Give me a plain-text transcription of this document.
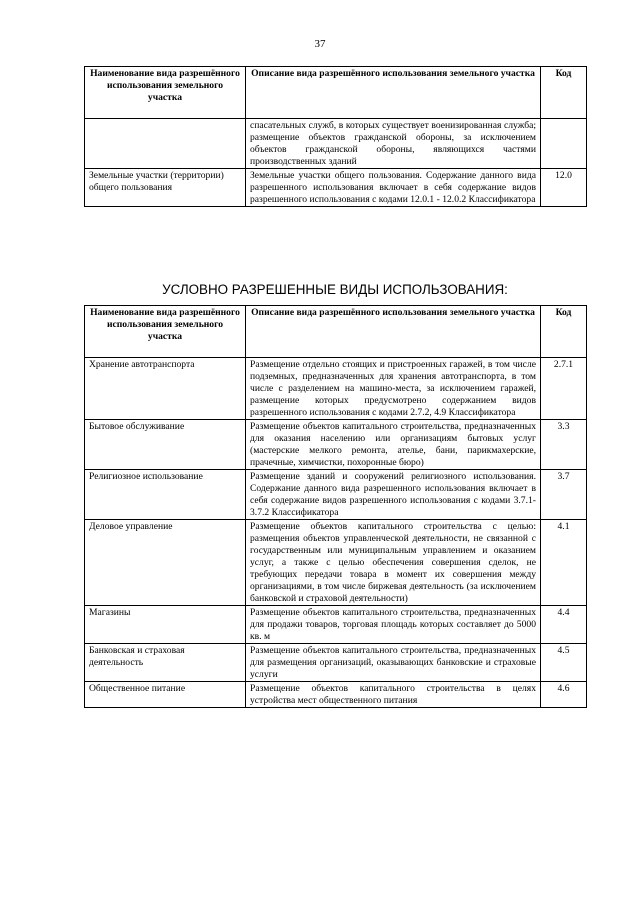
37
Наименование вида разрешённого использования земельного участка	Описание вида разрешённого использования земельного участка	Код
	спасательных служб, в которых существует военизированная служба; размещение объектов гражданской обороны, за исключением объектов гражданской обороны, являющихся частями производственных зданий	
Земельные участки (территории) общего пользования	Земельные участки общего пользования. Содержание данного вида разрешенного использования включает в себя содержание видов разрешенного использования с кодами 12.0.1 - 12.0.2 Классификатора	12.0
УСЛОВНО РАЗРЕШЕННЫЕ ВИДЫ ИСПОЛЬЗОВАНИЯ:
Наименование вида разрешённого использования земельного участка	Описание вида разрешённого использования земельного участка	Код
Хранение автотранспорта	Размещение отдельно стоящих и пристроенных гаражей, в том числе подземных, предназначенных для хранения автотранспорта, в том числе с разделением на машино-места, за исключением гаражей, размещение которых предусмотрено содержанием видов разрешенного использования с кодами 2.7.2, 4.9 Классификатора	2.7.1
Бытовое обслуживание	Размещение объектов капитального строительства, предназначенных для оказания населению или организациям бытовых услуг (мастерские мелкого ремонта, ателье, бани, парикмахерские, прачечные, химчистки, похоронные бюро)	3.3
Религиозное использование	Размещение зданий и сооружений религиозного использования. Содержание данного вида разрешенного использования включает в себя содержание видов разрешенного использования с кодами 3.7.1-3.7.2 Классификатора	3.7
Деловое управление	Размещение объектов капитального строительства с целью: размещения объектов управленческой деятельности, не связанной с государственным или муниципальным управлением и оказанием услуг, а также с целью обеспечения совершения сделок, не требующих передачи товара в момент их совершения между организациями, в том числе биржевая деятельность (за исключением банковской и страховой деятельности)	4.1
Магазины	Размещение объектов капитального строительства, предназначенных для продажи товаров, торговая площадь которых составляет до 5000 кв. м	4.4
Банковская и страховая деятельность	Размещение объектов капитального строительства, предназначенных для размещения организаций, оказывающих банковские и страховые услуги	4.5
Общественное питание	Размещение объектов капитального строительства в целях устройства мест общественного питания	4.6
